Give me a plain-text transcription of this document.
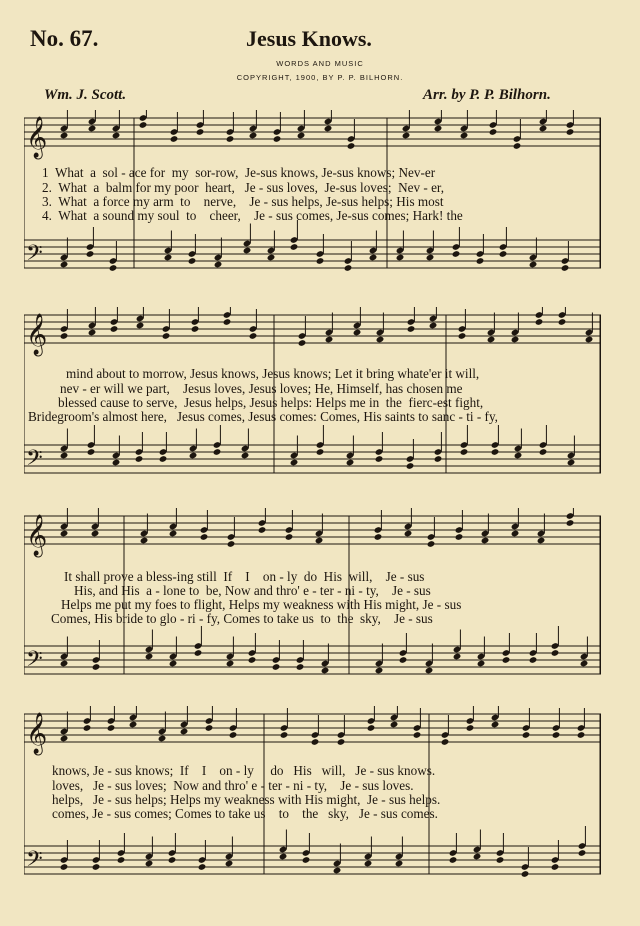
No. 67.	Jesus Knows.
WORDS AND MUSIC
COPYRIGHT, 1900, BY P. P. BILHORN.
Wm. J. Scott.	Arr. by P. P. Bilhorn.
𝄞
𝄢
1  What  a  sol - ace for  my  sor-row,  Je-sus knows, Je-sus knows; Nev-er
2.  What  a  balm for my poor  heart,   Je - sus loves,  Je-sus loves;  Nev - er,
3.  What  a force my arm  to    nerve,    Je - sus helps, Je-sus helps; His most
4.  What  a sound my soul  to    cheer,    Je - sus comes, Je-sus comes; Hark! the
𝄞
𝄢
mind about to morrow, Jesus knows, Jesus knows; Let it bring whate'er it will,
nev - er will we part,    Jesus loves, Jesus loves; He, Himself, has chosen me
blessed cause to serve,  Jesus helps, Jesus helps: Helps me in  the  fierc-est fight,
Bridegroom's almost here,   Jesus comes, Jesus comes: Comes, His saints to sanc - ti - fy,
𝄞
𝄢
It shall prove a bless-ing still  If    I    on - ly  do  His  will,    Je - sus
His, and His  a - lone to  be, Now and thro' e - ter - ni - ty,    Je - sus
Helps me put my foes to flight, Helps my weakness with His might, Je - sus
Comes, His bride to glo - ri - fy, Comes to take us  to  the  sky,    Je - sus
𝄞
𝄢
knows, Je - sus knows;  If    I    on - ly     do   His   will,   Je - sus knows.
loves,   Je - sus loves;  Now and thro' e - ter - ni - ty,    Je - sus loves.
helps,   Je - sus helps; Helps my weakness with His might,  Je - sus helps.
comes, Je - sus comes; Comes to take us    to    the   sky,   Je - sus comes.
